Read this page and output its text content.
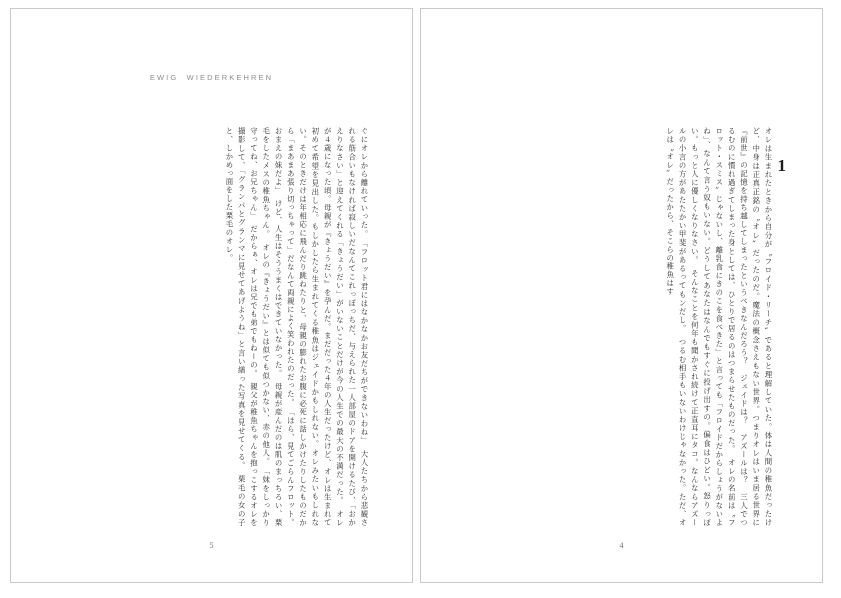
1

オレは生まれたときから自分が〝フロイド・リーチ〟であると理解していた。体は人間の稚魚だったけど、中身は正真正銘の〝オレ〟だったのだ。魔法の概念さえもない世界。つまりオレはいま居る世界に『前世』の記憶を持ち越してしまったというべきなんだろう？　ジェイドは？　アズールは？　三人でつるむのに慣れ過ぎてしまった身としては、ひとりで居るのはつまらせたものだった。　オレの名前は〝フロット・スミス〟じゃないし、離乳食にきのこを食べきた」と言っても「フロイドだからしょうがないよね」、なんて言う奴もいない。どうしてあなたはなんでもすぐに投げ出すの。偏食はひどい。怒りっぽい。もっと人に優しくなりなさい。　そんなことを何年も聞かされ続けて正直耳にタコ。なんならアズールの小言の方があたたかい甲斐があるってもンだし。　つるむ相手もいないわけじゃなかった。ただ、オレは〝オレ〟だったから、そこらの稚魚はす

4
EWIG  WIEDERKEHREN

ぐにオレから離れていった。　「フロット君にはなかなかお友だちができないわね」　大人たちから悲観される筋合いもなければ寂しいだなんてこれっぽっちだ、与えられた一人部屋のドアを開けるたび、「おかえりなさい」と迎えてくれる「きょうだい」がいないことだけが今の人生での最大の不満だった。　オレが４歳になった頃。母親が『きょうだい』を孕んだ。まだだった４年の人生だったけど、オレは生まれて初めて希望を見出した。もしかしたら生まれてくる稚魚はジェイドかもしれない。オレみたいもしれない。そのときだけは年相応に飛んだり跳ねたりと、母親の膨れたお腹に必死に話しかけたりしたものだから「まあまあ張り切っちゃって」だなんて両親によく笑われたのだった。　「ほら、見てごらんフロット。おまえの妹だよ」　けど、人生はそううまくはできていなかった。　母親が産んだのは肌のまっちろい、栗毛をしたメスの稚魚ちゃん。　オレの『きょうだい』とは似ても似つかない、赤の他人。　「妹をしっかり守ってね、お兄ちゃん」　だからぁ、オレは兄でも弟でもねーの。　親父が稚魚ちゃんを抱っこするオレを撮影して、「グランパとグランマに見せてあげようね」と言い繕った写真を見せてくる。　栗毛の女の子と、しかめっ面をした栗毛のオレ。

5
